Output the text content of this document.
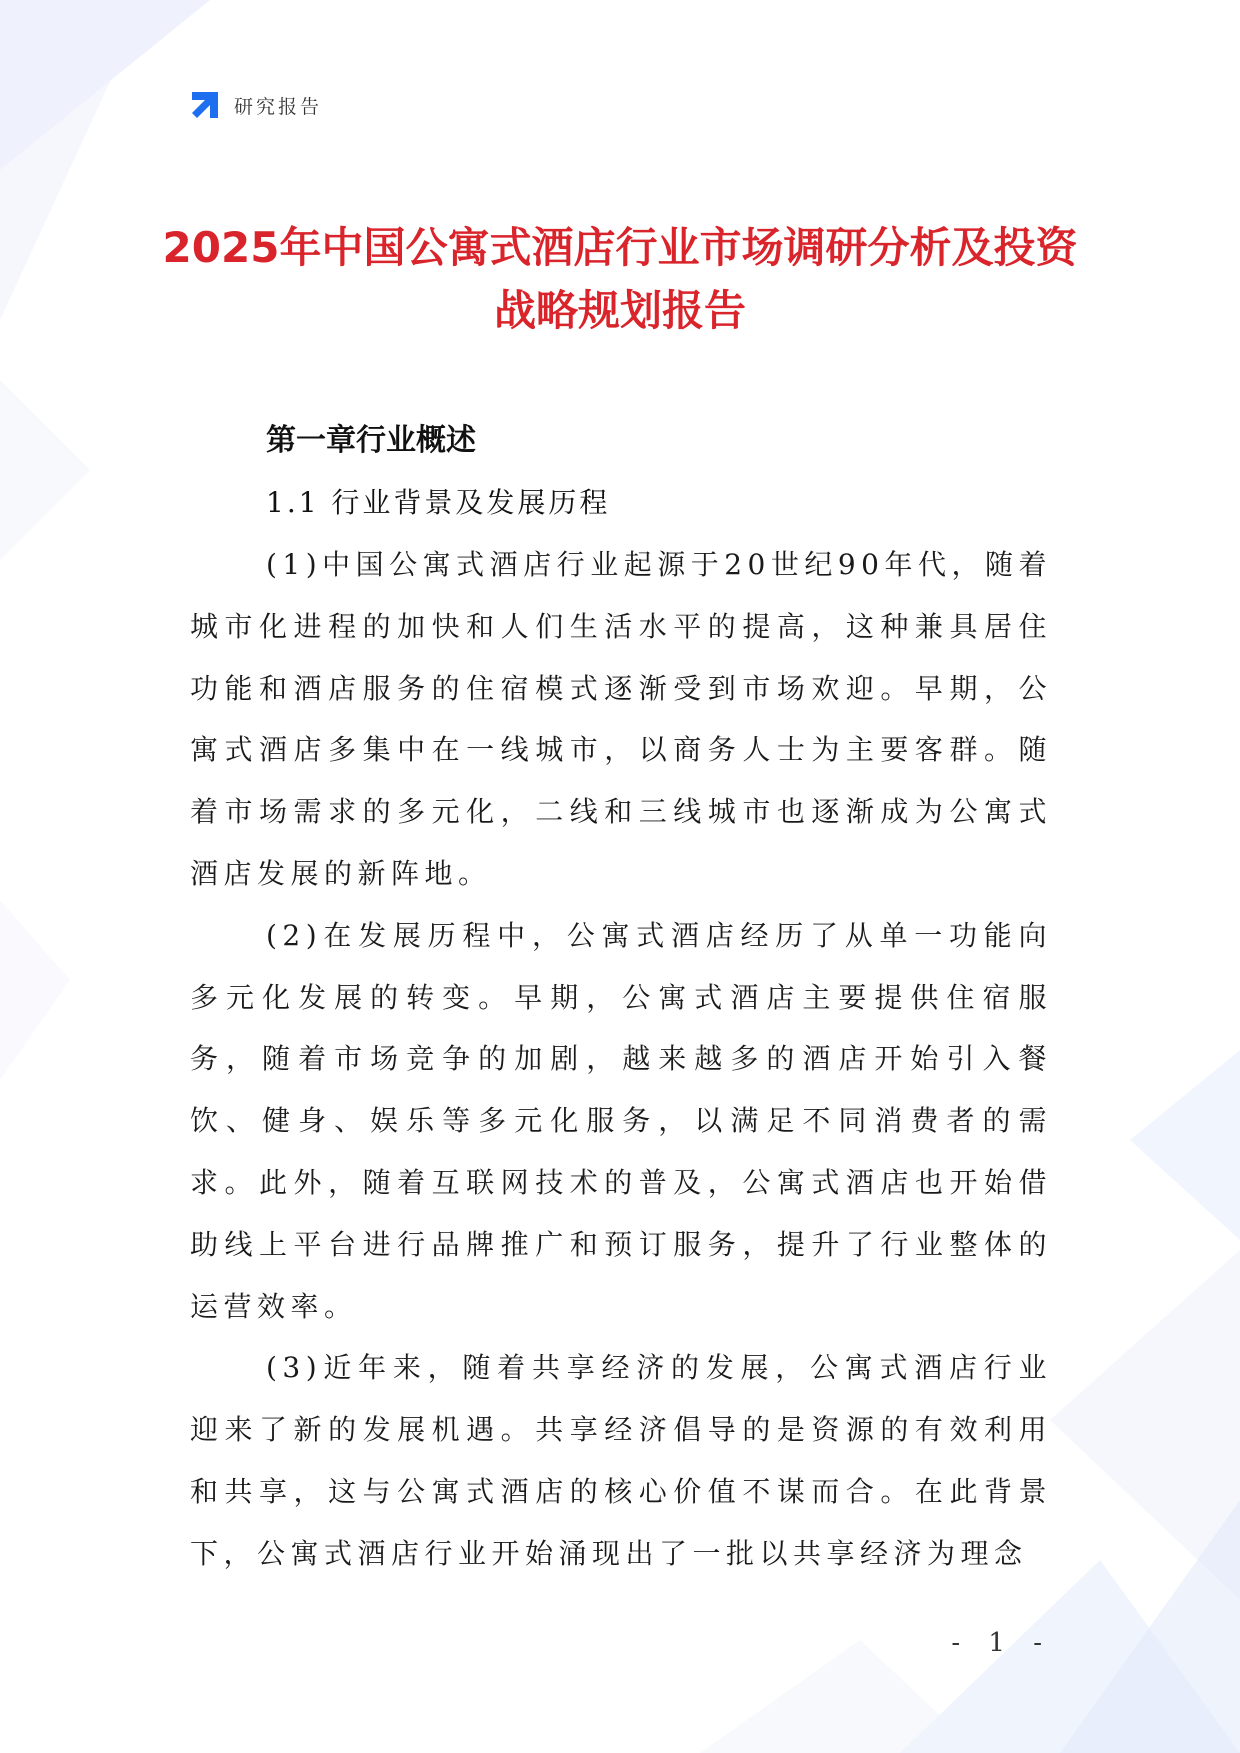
研究报告
2025年中国公寓式酒店行业市场调研分析及投资战略规划报告
第一章行业概述
1.1 行业背景及发展历程

(1)中国公寓式酒店行业起源于20世纪90年代，随着城市化进程的加快和人们生活水平的提高，这种兼具居住功能和酒店服务的住宿模式逐渐受到市场欢迎。早期，公寓式酒店多集中在一线城市，以商务人士为主要客群。随着市场需求的多元化，二线和三线城市也逐渐成为公寓式酒店发展的新阵地。

(2)在发展历程中，公寓式酒店经历了从单一功能向多元化发展的转变。早期，公寓式酒店主要提供住宿服务，随着市场竞争的加剧，越来越多的酒店开始引入餐饮、健身、娱乐等多元化服务，以满足不同消费者的需求。此外，随着互联网技术的普及，公寓式酒店也开始借助线上平台进行品牌推广和预订服务，提升了行业整体的运营效率。

(3)近年来，随着共享经济的发展，公寓式酒店行业迎来了新的发展机遇。共享经济倡导的是资源的有效利用和共享，这与公寓式酒店的核心价值不谋而合。在此背景下，公寓式酒店行业开始涌现出了一批以共享经济为理念

- 1 -
